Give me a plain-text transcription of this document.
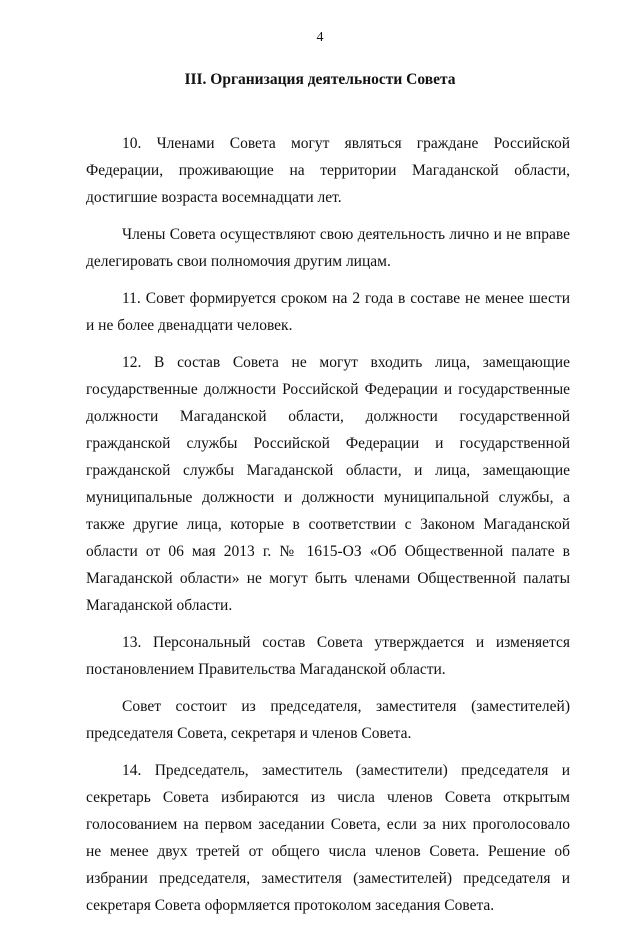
4
III. Организация деятельности Совета

10. Членами Совета могут являться граждане Российской Федерации, проживающие на территории Магаданской области, достигшие возраста восемнадцати лет.

Члены Совета осуществляют свою деятельность лично и не вправе делегировать свои полномочия другим лицам.

11. Совет формируется сроком на 2 года в составе не менее шести и не более двенадцати человек.

12. В состав Совета не могут входить лица, замещающие государственные должности Российской Федерации и государственные должности Магаданской области, должности государственной гражданской службы Российской Федерации и государственной гражданской службы Магаданской области, и лица, замещающие муниципальные должности и должности муниципальной службы, а также другие лица, которые в соответствии с Законом Магаданской области от 06 мая 2013 г. № 1615-ОЗ «Об Общественной палате в Магаданской области» не могут быть членами Общественной палаты Магаданской области.

13. Персональный состав Совета утверждается и изменяется постановлением Правительства Магаданской области.

Совет состоит из председателя, заместителя (заместителей) председателя Совета, секретаря и членов Совета.

14. Председатель, заместитель (заместители) председателя и секретарь Совета избираются из числа членов Совета открытым голосованием на первом заседании Совета, если за них проголосовало не менее двух третей от общего числа членов Совета. Решение об избрании председателя, заместителя (заместителей) председателя и секретаря Совета оформляется протоколом заседания Совета.
